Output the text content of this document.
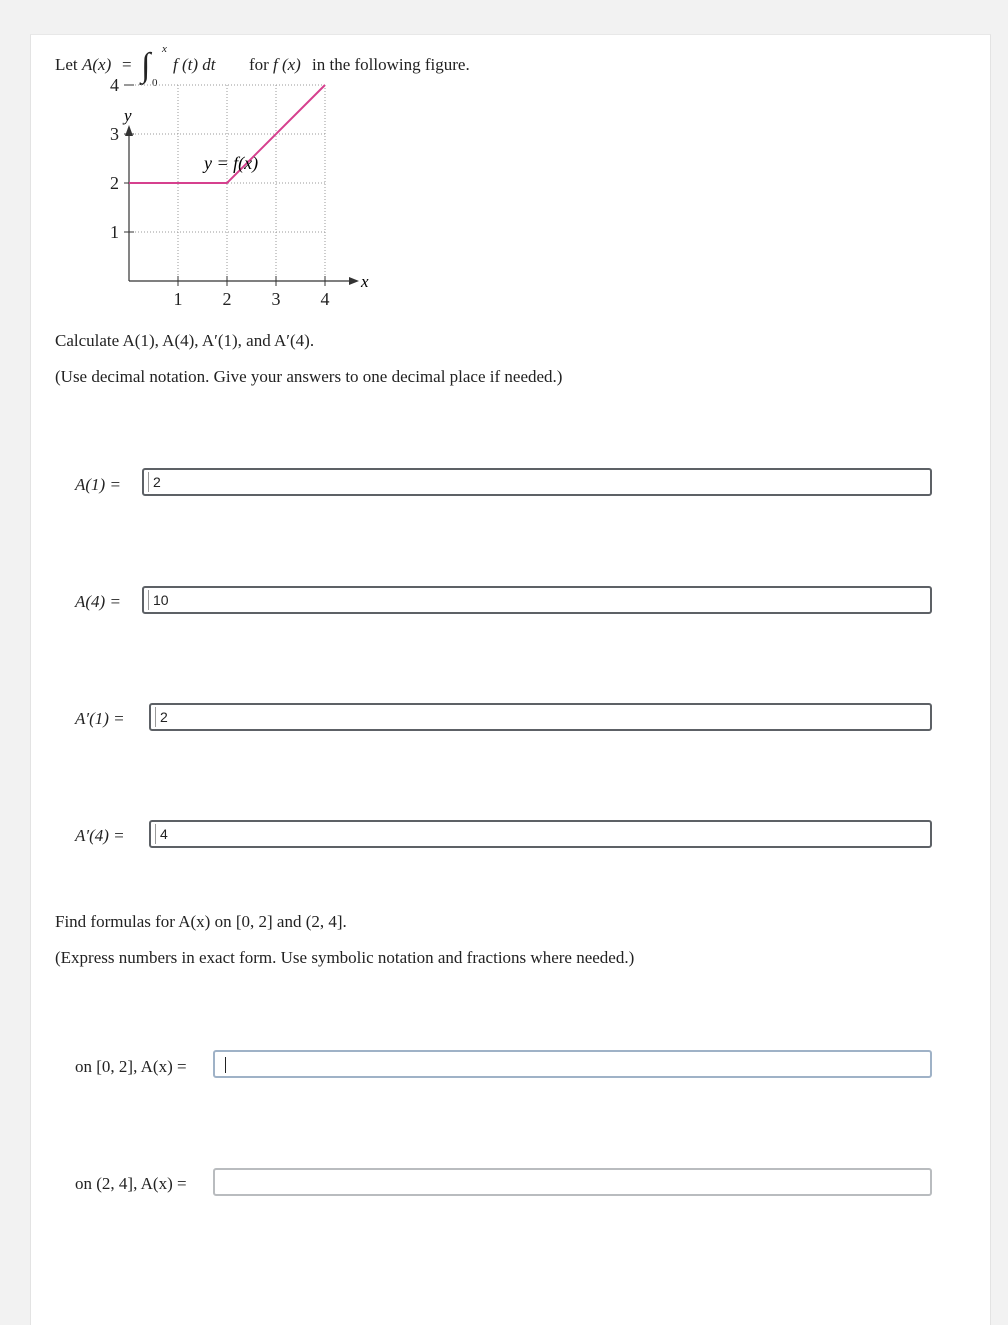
Let A(x) = ∫ x
0
f (t) dt for f (x) in the following figure.
x
y
1 2 3 4
1
2
3
4
y = f(x)
Calculate A(1), A(4), A′(1), and A′(4).
(Use decimal notation. Give your answers to one decimal place if needed.)
A(1) =	2
A(4) =	10
A′(1) =	2
A′(4) =	4
Find formulas for A(x) on [0, 2] and (2, 4].
(Express numbers in exact form. Use symbolic notation and fractions where needed.)
on [0, 2], A(x) =
on (2, 4], A(x) =
